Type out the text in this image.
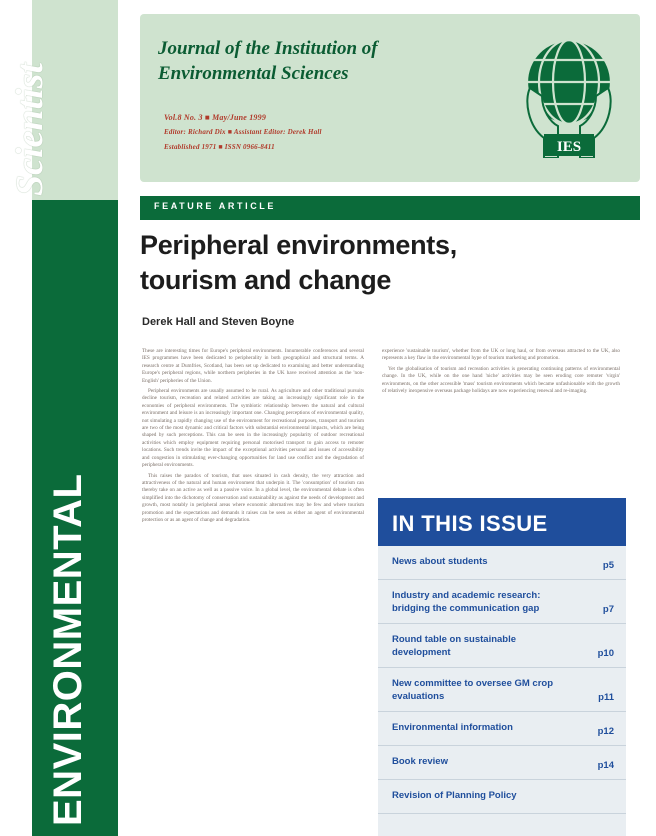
Scientist
ENVIRONMENTAL
Journal of the Institution of
Environmental Sciences
Vol.8 No. 3 ■ May/June 1999
Editor: Richard Dix ■ Assistant Editor: Derek Hall
Established 1971 ■ ISSN 0966-8411	IES
FEATURE ARTICLE
Peripheral environments,
tourism and change
Derek Hall and Steven Boyne

These are interesting times for Europe's peripheral environments. Innumerable conferences and several IES programmes have been dedicated to peripherality in both geographical and structural terms. A research centre at Dumfries, Scotland, has been set up dedicated to examining and better understanding Europe's peripheral regions, while northern peripheries in the UK have received attention as the 'non-English' peripheries of the Union.

Peripheral environments are usually assumed to be rural. As agriculture and other traditional pursuits decline tourism, recreation and related activities are taking an increasingly significant role in the economies of peripheral environments. The symbiotic relationship between the natural and cultural environment and leisure is an increasingly important one. Changing perceptions of environmental quality, not simulating a rapidly changing use of the environment for recreational purposes, transport and tourism are two of the most dynamic and critical factors with substantial environmental impacts, which are being shaped by such perceptions. This can be seen in the increasingly popularity of outdoor recreational activities which employ equipment requiring personal motorised transport to gain access to remoter locations. Such trends invite the impact of the exceptional activities personal and issues of accessibility and congestion in stimulating ever-changing opportunities for land use conflict and the degradation of peripheral environments.

This raises the paradox of tourism, that uses situated in cash density, the very attraction and attractiveness of the natural and human environment that underpin it. The 'consumption' of tourism can thereby take on an active as well as a passive voice. In a global level, the environmental debate is often simplified into the dichotomy of conservation and sustainability as against the needs of development and growth, most notably in peripheral areas where economic alternatives may be few and where tourism promotion and the expectations and demands it raises can be seen as either an agent of environmental protection or as an agent of change and degradation.

experience 'sustainable tourism', whether from the UK or long haul, or from overseas attracted to the UK, also represents a key flaw in the environmental hype of tourism marketing and promotion.

Yet the globalisation of tourism and recreation activities is generating continuing patterns of environmental change. In the UK, while on the one hand 'niche' activities may be seen eroding core remoter 'virgin' environments, on the other accessible 'mass' tourism environments which became unfashionable with the growth of relatively inexpensive overseas package holidays are now experiencing renewal and re-imaging.

IN THIS ISSUE
News about students	p5
Industry and academic research: bridging the communication gap	p7
Round table on sustainable development	p10
New committee to oversee GM crop evaluations	p11
Environmental information	p12
Book review	p14
Revision of Planning Policy
